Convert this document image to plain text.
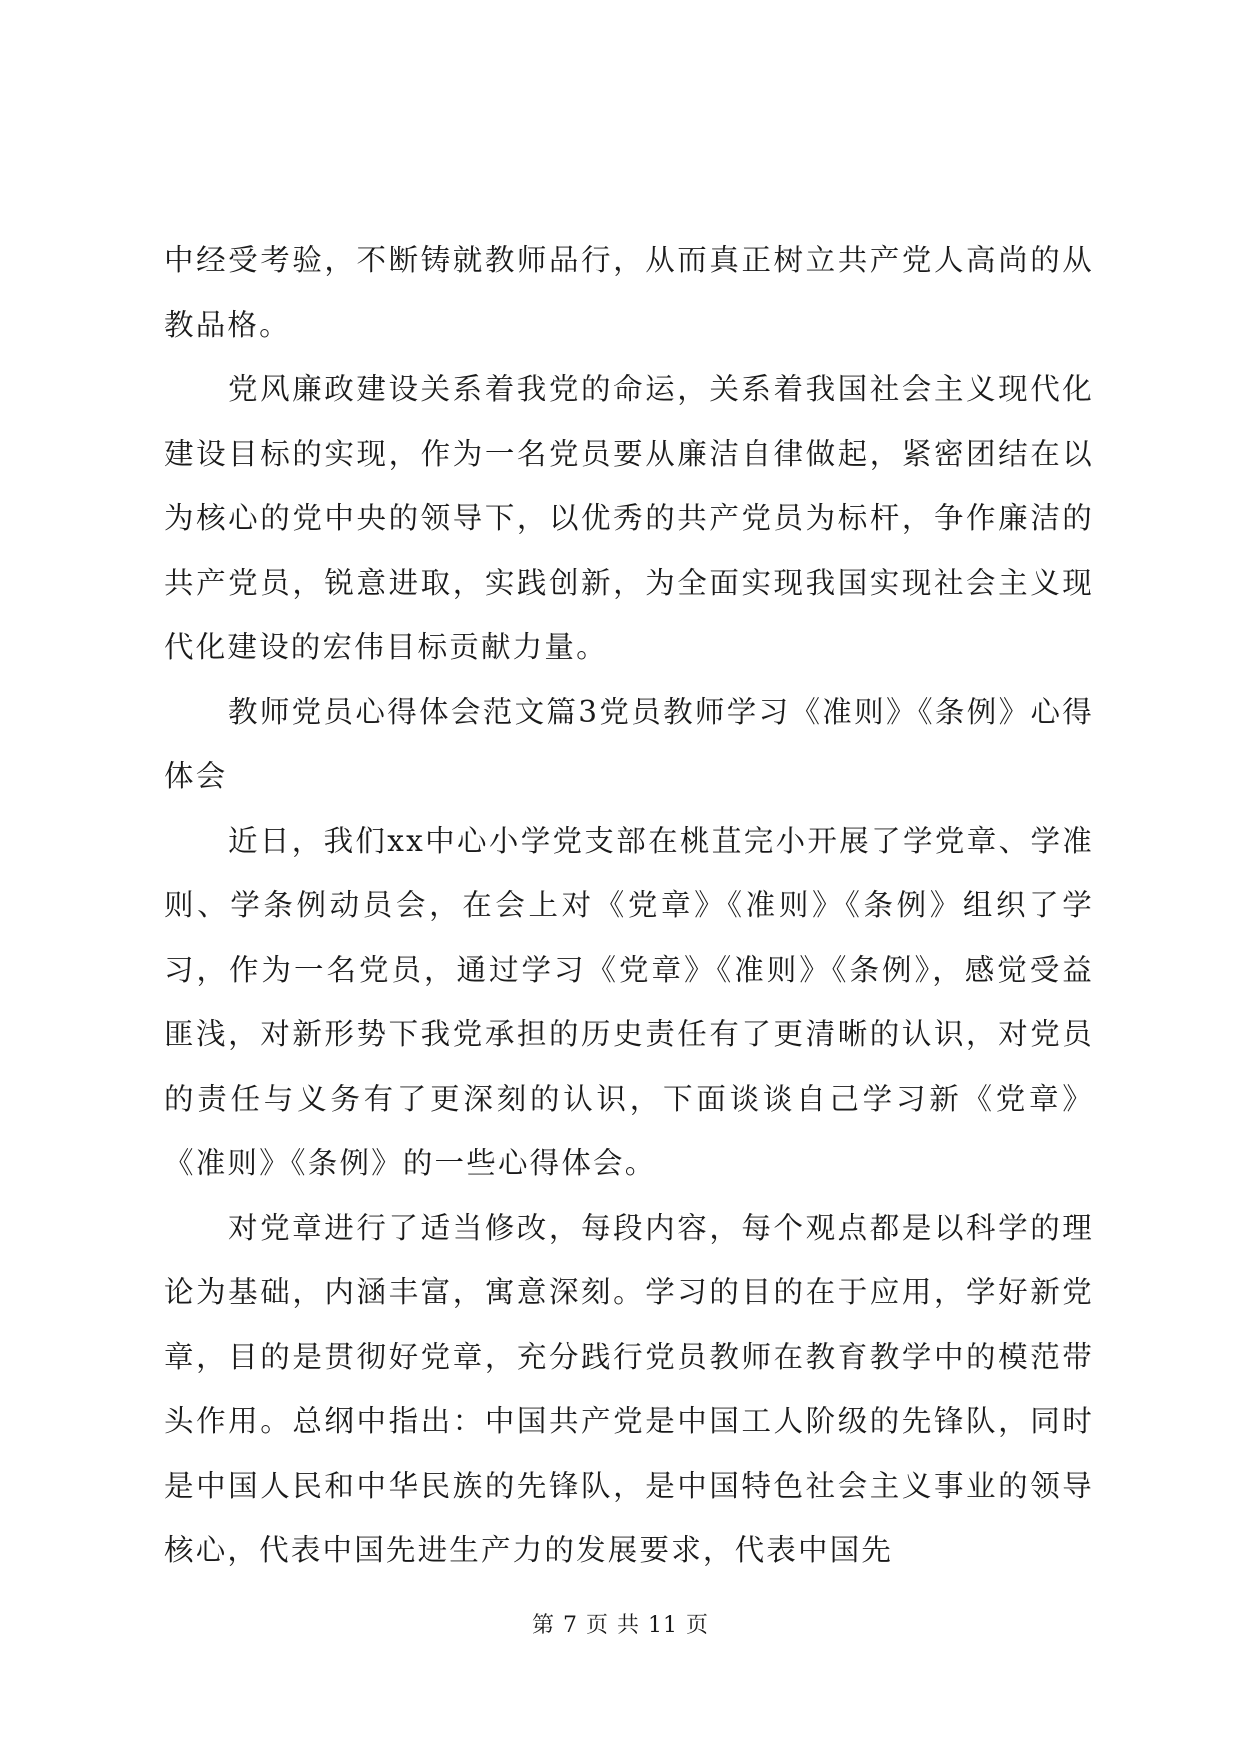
中经受考验，不断铸就教师品行，从而真正树立共产党人高尚的从教品格。

党风廉政建设关系着我党的命运，关系着我国社会主义现代化建设目标的实现，作为一名党员要从廉洁自律做起，紧密团结在以为核心的党中央的领导下，以优秀的共产党员为标杆，争作廉洁的共产党员，锐意进取，实践创新，为全面实现我国实现社会主义现代化建设的宏伟目标贡献力量。

教师党员心得体会范文篇3党员教师学习《准则》《条例》心得体会

近日，我们xx中心小学党支部在桃苴完小开展了学党章、学准则、学条例动员会，在会上对《党章》《准则》《条例》组织了学习，作为一名党员，通过学习《党章》《准则》《条例》，感觉受益匪浅，对新形势下我党承担的历史责任有了更清晰的认识，对党员的责任与义务有了更深刻的认识，下面谈谈自己学习新《党章》《准则》《条例》的一些心得体会。

对党章进行了适当修改，每段内容，每个观点都是以科学的理论为基础，内涵丰富，寓意深刻。学习的目的在于应用，学好新党章，目的是贯彻好党章，充分践行党员教师在教育教学中的模范带头作用。总纲中指出：中国共产党是中国工人阶级的先锋队，同时是中国人民和中华民族的先锋队，是中国特色社会主义事业的领导核心，代表中国先进生产力的发展要求，代表中国先

第 7 页 共 11 页
